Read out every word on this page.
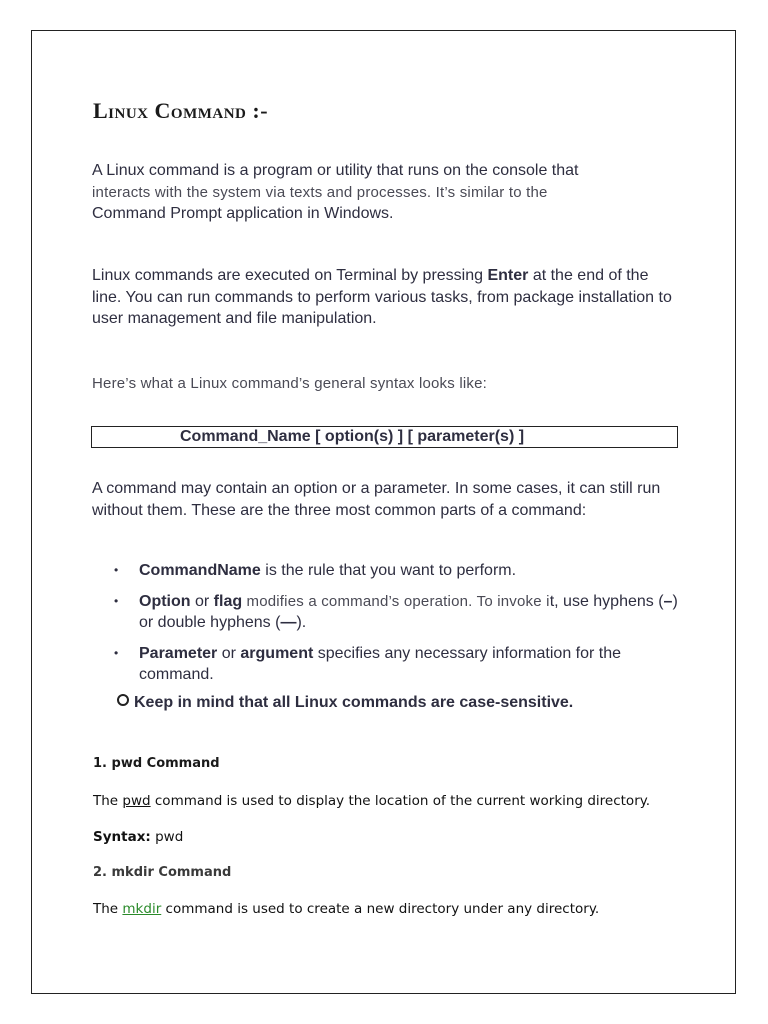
Linux Command :-
A Linux command is a program or utility that runs on the console that
interacts with the system via texts and processes. It’s similar to the
Command Prompt application in Windows.
Linux commands are executed on Terminal by pressing Enter at the end of the line. You can run commands to perform various tasks, from package installation to user management and file manipulation.
Here’s what a Linux command’s general syntax looks like:
Command_Name [ option(s) ] [ parameter(s) ]
A command may contain an option or a parameter. In some cases, it can still run without them. These are the three most common parts of a command:
• CommandName is the rule that you want to perform.
• Option or flag modifies a command’s operation. To invoke it, use hyphens (–) or double hyphens (—).
• Parameter or argument specifies any necessary information for the command.
Keep in mind that all Linux commands are case-sensitive.
1. pwd Command
The pwd command is used to display the location of the current working directory.
Syntax: pwd
2. mkdir Command
The mkdir command is used to create a new directory under any directory.
